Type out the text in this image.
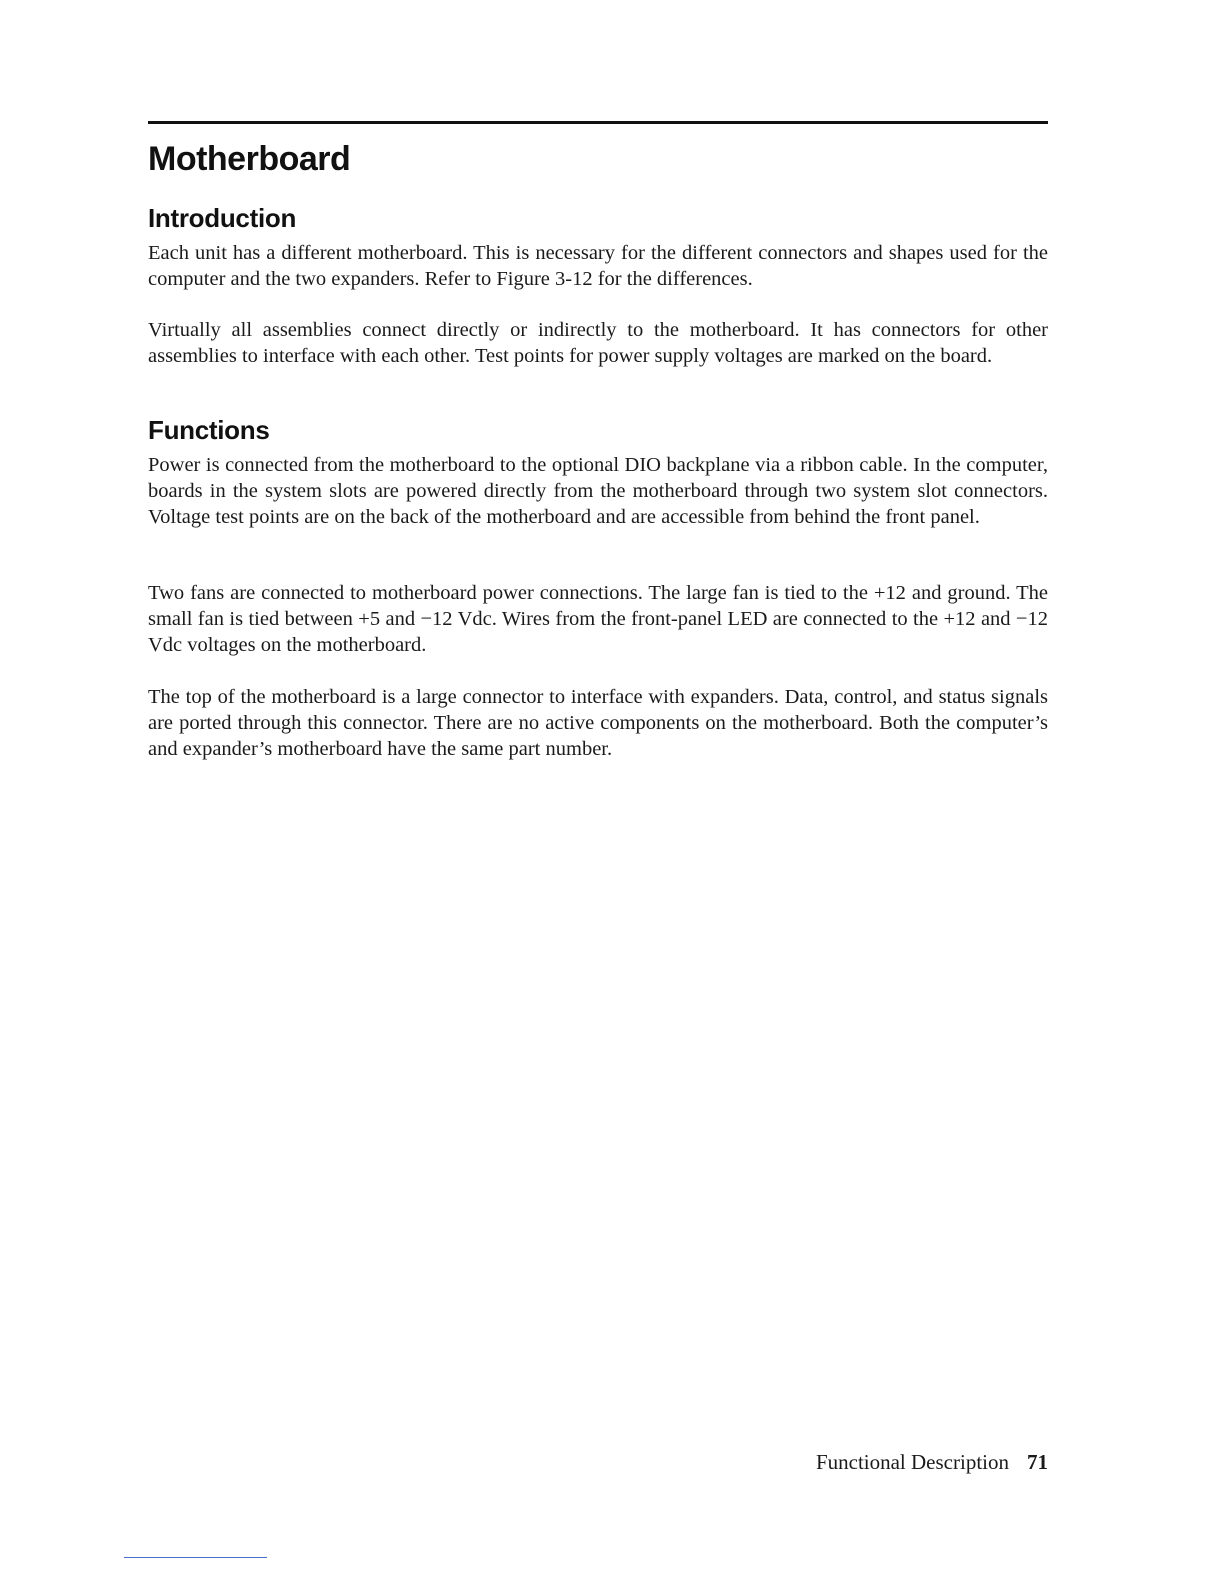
Motherboard
Introduction

Each unit has a different motherboard. This is necessary for the different connectors and shapes used for the computer and the two expanders. Refer to Figure 3-12 for the differences.

Virtually all assemblies connect directly or indirectly to the motherboard. It has connectors for other assemblies to interface with each other. Test points for power supply voltages are marked on the board.

Functions

Power is connected from the motherboard to the optional DIO backplane via a ribbon cable. In the computer, boards in the system slots are powered directly from the motherboard through two system slot connectors. Voltage test points are on the back of the motherboard and are accessible from behind the front panel.

Two fans are connected to motherboard power connections. The large fan is tied to the +12 and ground. The small fan is tied between +5 and −12 Vdc. Wires from the front-panel LED are connected to the +12 and −12 Vdc voltages on the motherboard.

The top of the motherboard is a large connector to interface with expanders. Data, control, and status signals are ported through this connector. There are no active components on the motherboard. Both the computer’s and expander’s motherboard have the same part number.

Functional Description 71
